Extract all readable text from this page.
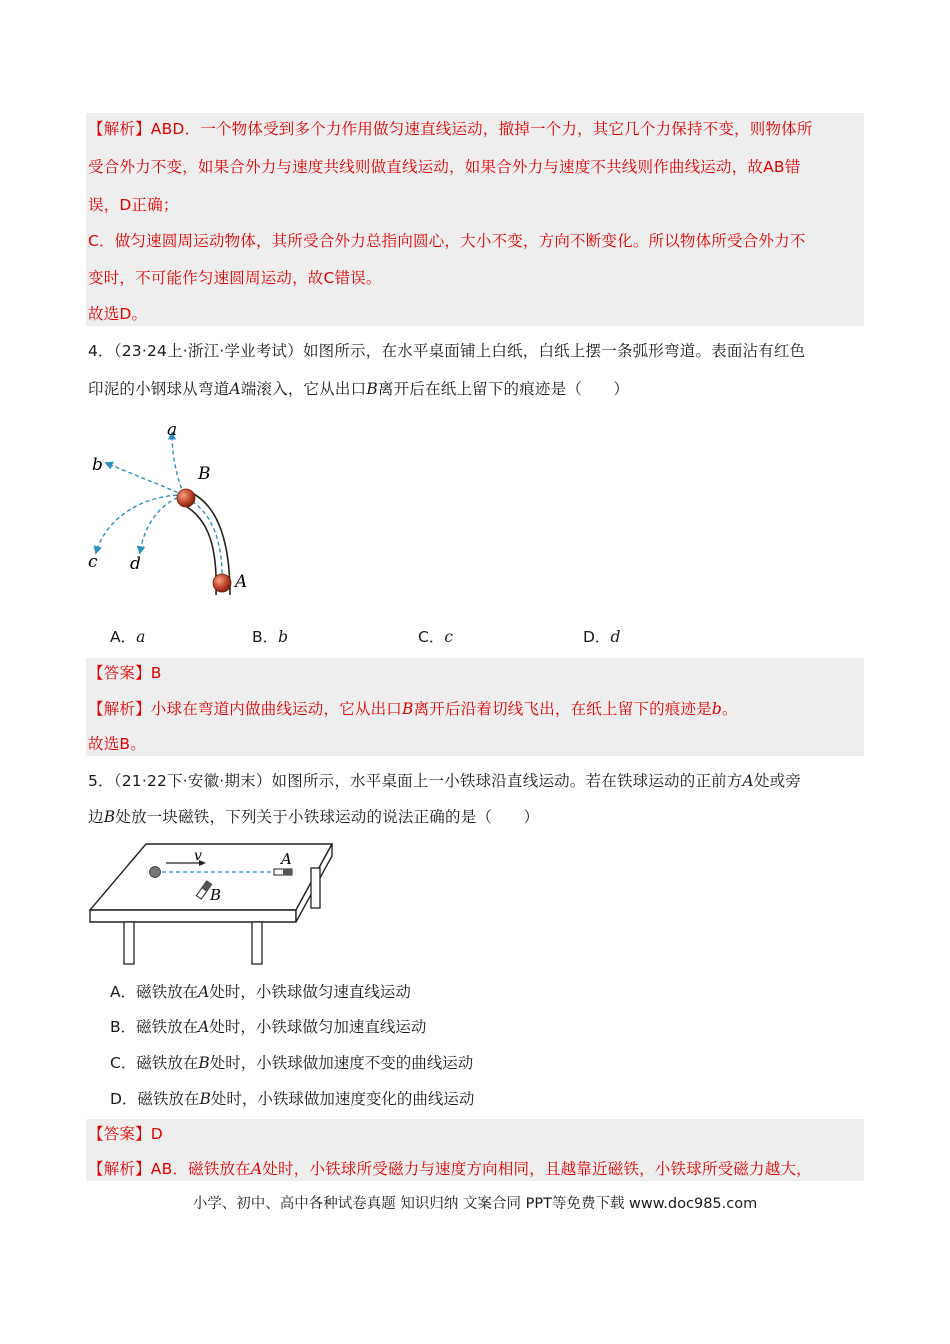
【解析】ABD．一个物体受到多个力作用做匀速直线运动，撤掉一个力，其它几个力保持不变，则物体所
受合外力不变，如果合外力与速度共线则做直线运动，如果合外力与速度不共线则作曲线运动，故AB错
误，D正确；
C．做匀速圆周运动物体，其所受合外力总指向圆心，大小不变，方向不断变化。所以物体所受合外力不
变时，不可能作匀速圆周运动，故C错误。
故选D。
4．（23·24上·浙江·学业考试）如图所示，在水平桌面铺上白纸，白纸上摆一条弧形弯道。表面沾有红色
印泥的小钢球从弯道A端滚入，它从出口B离开后在纸上留下的痕迹是（　　）
a
b
c d
B
A
A．a	B．b	C．c	D．d
【答案】B
【解析】小球在弯道内做曲线运动，它从出口B离开后沿着切线飞出，在纸上留下的痕迹是b。
故选B。
5．（21·22下·安徽·期末）如图所示，水平桌面上一小铁球沿直线运动。若在铁球运动的正前方A处或旁
边B处放一块磁铁，下列关于小铁球运动的说法正确的是（　　）
v	A
B
A．磁铁放在A处时，小铁球做匀速直线运动
B．磁铁放在A处时，小铁球做匀加速直线运动
C．磁铁放在B处时，小铁球做加速度不变的曲线运动
D．磁铁放在B处时，小铁球做加速度变化的曲线运动
【答案】D
【解析】AB．磁铁放在A处时，小铁球所受磁力与速度方向相同，且越靠近磁铁，小铁球所受磁力越大，
小学、初中、高中各种试卷真题 知识归纳 文案合同 PPT等免费下载 www.doc985.com
